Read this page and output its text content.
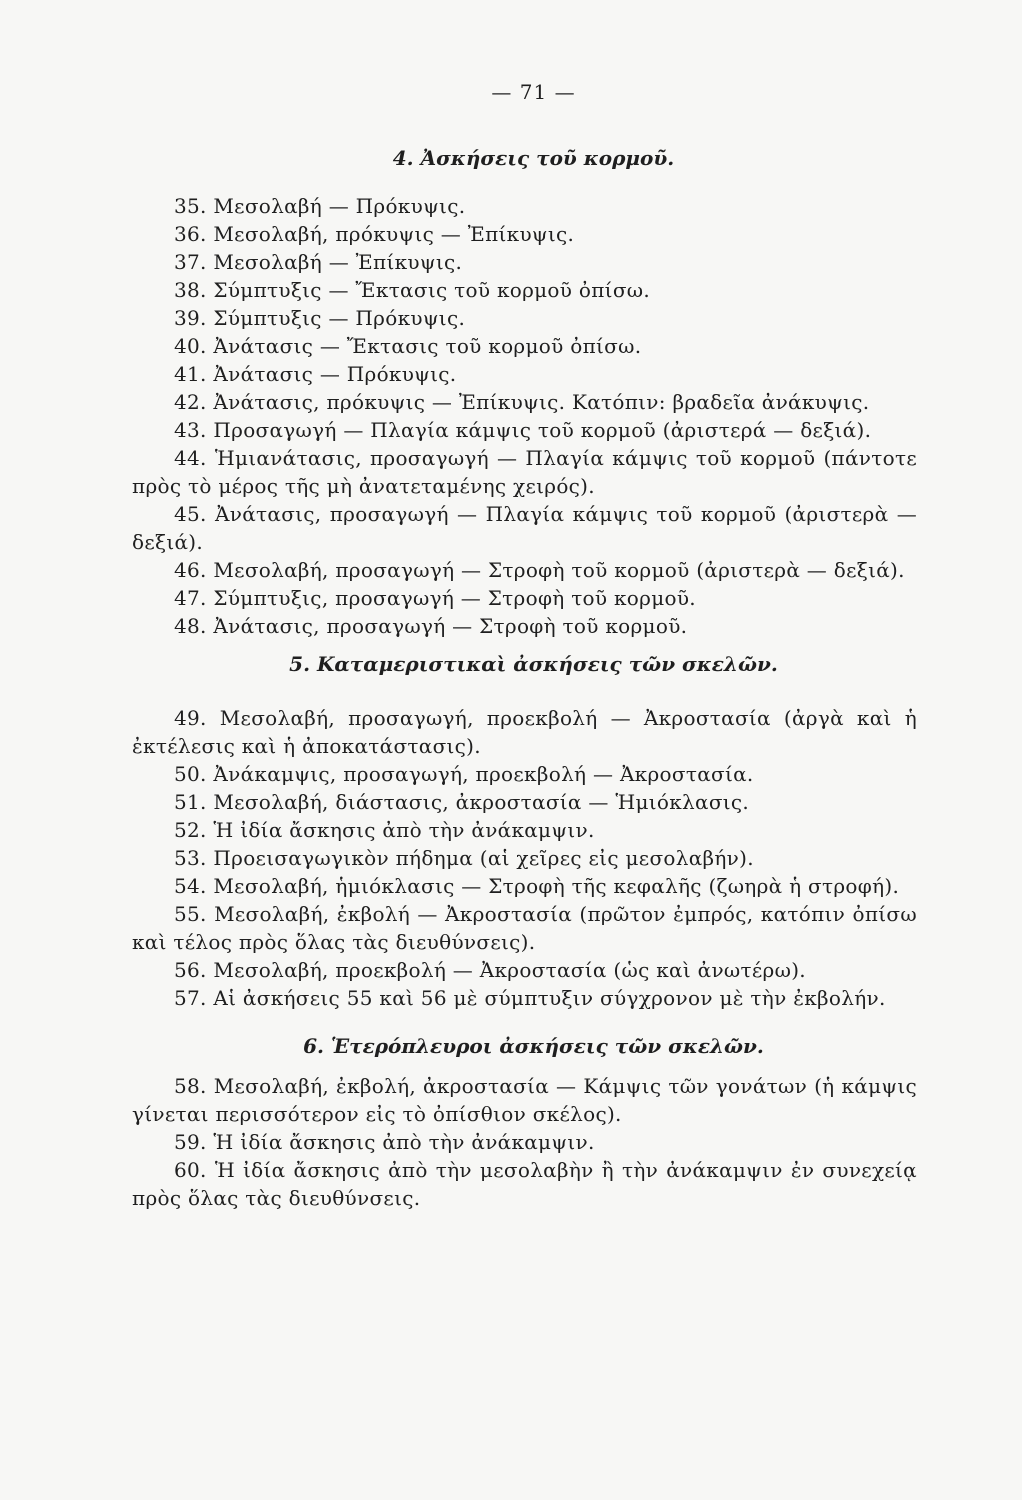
— 71 —
4. Ἀσκήσεις τοῦ κορμοῦ.

35. Μεσολαβή — Πρόκυψις.

36. Μεσολαβή, πρόκυψις — Ἐπίκυψις.

37. Μεσολαβή — Ἐπίκυψις.

38. Σύμπτυξις — Ἔκτασις τοῦ κορμοῦ ὀπίσω.

39. Σύμπτυξις — Πρόκυψις.

40. Ἀνάτασις — Ἔκτασις τοῦ κορμοῦ ὀπίσω.

41. Ἀνάτασις — Πρόκυψις.

42. Ἀνάτασις, πρόκυψις — Ἐπίκυψις. Κατόπιν: βραδεῖα ἀνάκυψις.

43. Προσαγωγή — Πλαγία κάμψις τοῦ κορμοῦ (ἀριστερά — δεξιά).

44. Ἡμιανάτασις, προσαγωγή — Πλαγία κάμψις τοῦ κορμοῦ (πάντοτε πρὸς τὸ μέρος τῆς μὴ ἀνατεταμένης χειρός).

45. Ἀνάτασις, προσαγωγή — Πλαγία κάμψις τοῦ κορμοῦ (ἀριστερὰ — δεξιά).

46. Μεσολαβή, προσαγωγή — Στροφὴ τοῦ κορμοῦ (ἀριστερὰ — δεξιά).

47. Σύμπτυξις, προσαγωγή — Στροφὴ τοῦ κορμοῦ.

48. Ἀνάτασις, προσαγωγή — Στροφὴ τοῦ κορμοῦ.

5. Καταμεριστικαὶ ἀσκήσεις τῶν σκελῶν.

49. Μεσολαβή, προσαγωγή, προεκβολή — Ἀκροστασία (ἀργὰ καὶ ἡ ἐκτέλεσις καὶ ἡ ἀποκατάστασις).

50. Ἀνάκαμψις, προσαγωγή, προεκβολή — Ἀκροστασία.

51. Μεσολαβή, διάστασις, ἀκροστασία — Ἡμιόκλασις.

52. Ἡ ἰδία ἄσκησις ἀπὸ τὴν ἀνάκαμψιν.

53. Προεισαγωγικὸν πήδημα (αἱ χεῖρες εἰς μεσολαβήν).

54. Μεσολαβή, ἡμιόκλασις — Στροφὴ τῆς κεφαλῆς (ζωηρὰ ἡ στροφή).

55. Μεσολαβή, ἐκβολή — Ἀκροστασία (πρῶτον ἐμπρός, κατόπιν ὀπίσω καὶ τέλος πρὸς ὅλας τὰς διευθύνσεις).

56. Μεσολαβή, προεκβολή — Ἀκροστασία (ὡς καὶ ἀνωτέρω).

57. Αἱ ἀσκήσεις 55 καὶ 56 μὲ σύμπτυξιν σύγχρονον μὲ τὴν ἐκβολήν.

6. Ἑτερόπλευροι ἀσκήσεις τῶν σκελῶν.

58. Μεσολαβή, ἐκβολή, ἀκροστασία — Κάμψις τῶν γονάτων (ἡ κάμψις γίνεται περισσότερον εἰς τὸ ὀπίσθιον σκέλος).

59. Ἡ ἰδία ἄσκησις ἀπὸ τὴν ἀνάκαμψιν.

60. Ἡ ἰδία ἄσκησις ἀπὸ τὴν μεσολαβὴν ἢ τὴν ἀνάκαμψιν ἐν συνεχείᾳ πρὸς ὅλας τὰς διευθύνσεις.
